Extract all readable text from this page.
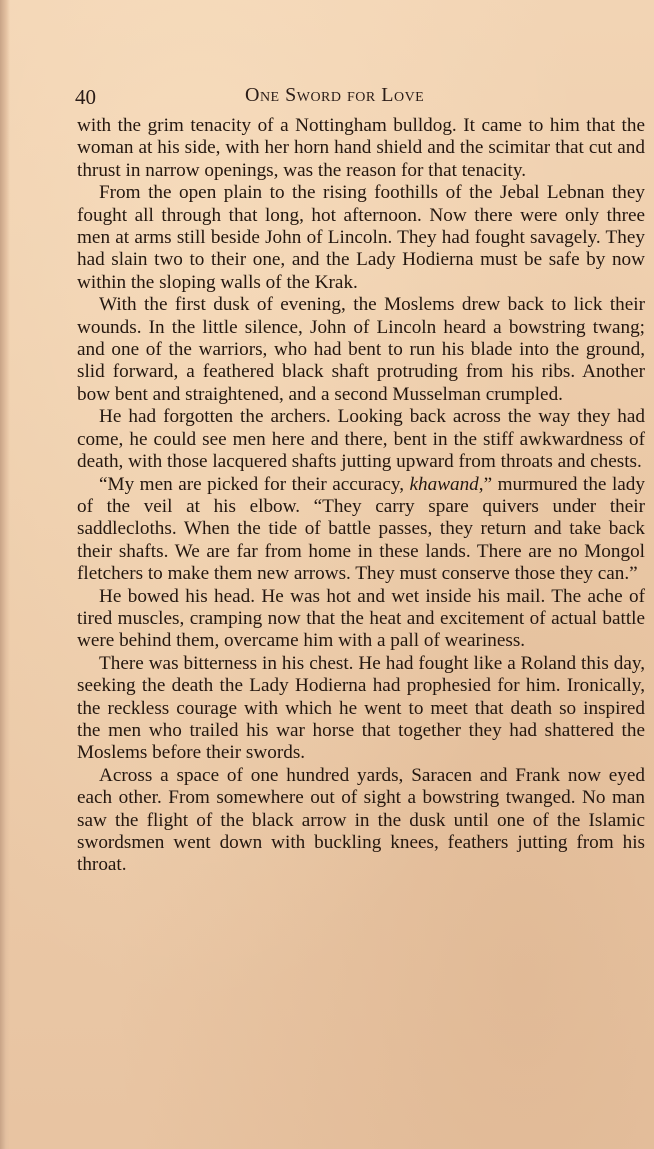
40	One Sword for Love

with the grim tenacity of a Nottingham bulldog. It came to him that the woman at his side, with her horn hand shield and the scimitar that cut and thrust in narrow openings, was the reason for that tenacity.

From the open plain to the rising foothills of the Jebal Lebnan they fought all through that long, hot afternoon. Now there were only three men at arms still beside John of Lincoln. They had fought savagely. They had slain two to their one, and the Lady Hodierna must be safe by now within the sloping walls of the Krak.

With the first dusk of evening, the Moslems drew back to lick their wounds. In the little silence, John of Lincoln heard a bowstring twang; and one of the warriors, who had bent to run his blade into the ground, slid forward, a feathered black shaft protruding from his ribs. Another bow bent and straightened, and a second Musselman crumpled.

He had forgotten the archers. Looking back across the way they had come, he could see men here and there, bent in the stiff awkwardness of death, with those lacquered shafts jutting upward from throats and chests.

“My men are picked for their accuracy, khawand,” murmured the lady of the veil at his elbow. “They carry spare quivers under their saddlecloths. When the tide of battle passes, they return and take back their shafts. We are far from home in these lands. There are no Mongol fletchers to make them new arrows. They must conserve those they can.”

He bowed his head. He was hot and wet inside his mail. The ache of tired muscles, cramping now that the heat and excitement of actual battle were behind them, overcame him with a pall of weariness.

There was bitterness in his chest. He had fought like a Roland this day, seeking the death the Lady Hodierna had prophesied for him. Ironically, the reckless courage with which he went to meet that death so inspired the men who trailed his war horse that together they had shattered the Moslems before their swords.

Across a space of one hundred yards, Saracen and Frank now eyed each other. From somewhere out of sight a bowstring twanged. No man saw the flight of the black arrow in the dusk until one of the Islamic swordsmen went down with buckling knees, feathers jutting from his throat.
